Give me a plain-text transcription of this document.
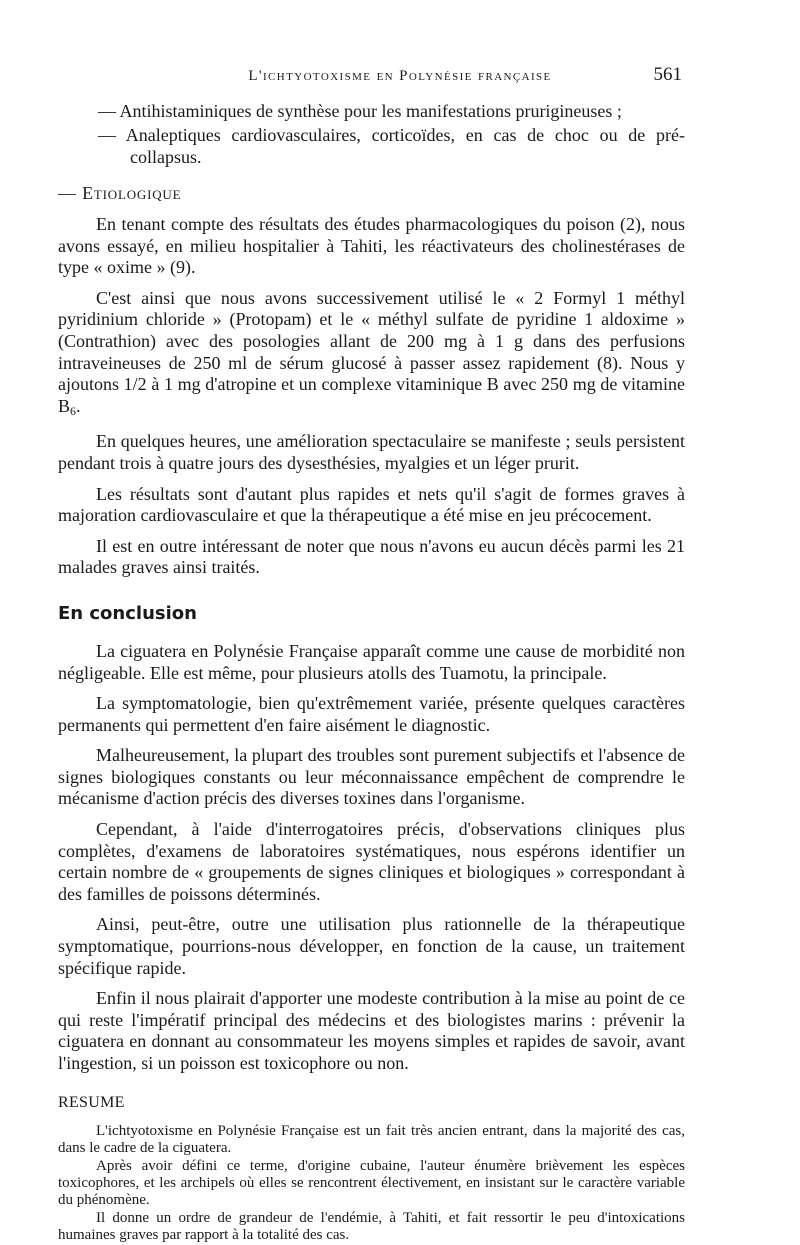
L'ichtyotoxisme en Polynésie française	561

— Antihistaminiques de synthèse pour les manifestations prurigineuses ;

— Analeptiques cardiovasculaires, corticoïdes, en cas de choc ou de pré-collapsus.

— Etiologique

En tenant compte des résultats des études pharmacologiques du poison (2), nous avons essayé, en milieu hospitalier à Tahiti, les réactivateurs des cholinestérases de type « oxime » (9).

C'est ainsi que nous avons successivement utilisé le « 2 Formyl 1 méthyl pyridinium chloride » (Protopam) et le « méthyl sulfate de pyridine 1 aldoxime » (Contrathion) avec des posologies allant de 200 mg à 1 g dans des perfusions intraveineuses de 250 ml de sérum glucosé à passer assez rapidement (8). Nous y ajoutons 1/2 à 1 mg d'atropine et un complexe vitaminique B avec 250 mg de vitamine $B_6$.

En quelques heures, une amélioration spectaculaire se manifeste ; seuls persistent pendant trois à quatre jours des dysesthésies, myalgies et un léger prurit.

Les résultats sont d'autant plus rapides et nets qu'il s'agit de formes graves à majoration cardiovasculaire et que la thérapeutique a été mise en jeu précocement.

Il est en outre intéressant de noter que nous n'avons eu aucun décès parmi les 21 malades graves ainsi traités.

En conclusion

La ciguatera en Polynésie Française apparaît comme une cause de morbidité non négligeable. Elle est même, pour plusieurs atolls des Tuamotu, la principale.

La symptomatologie, bien qu'extrêmement variée, présente quelques caractères permanents qui permettent d'en faire aisément le diagnostic.

Malheureusement, la plupart des troubles sont purement subjectifs et l'absence de signes biologiques constants ou leur méconnaissance empêchent de comprendre le mécanisme d'action précis des diverses toxines dans l'organisme.

Cependant, à l'aide d'interrogatoires précis, d'observations cliniques plus complètes, d'examens de laboratoires systématiques, nous espérons identifier un certain nombre de « groupements de signes cliniques et biologiques » correspondant à des familles de poissons déterminés.

Ainsi, peut-être, outre une utilisation plus rationnelle de la thérapeutique symptomatique, pourrions-nous développer, en fonction de la cause, un traitement spécifique rapide.

Enfin il nous plairait d'apporter une modeste contribution à la mise au point de ce qui reste l'impératif principal des médecins et des biologistes marins : prévenir la ciguatera en donnant au consommateur les moyens simples et rapides de savoir, avant l'ingestion, si un poisson est toxicophore ou non.

RESUME

L'ichtyotoxisme en Polynésie Française est un fait très ancien entrant, dans la majorité des cas, dans le cadre de la ciguatera.

Après avoir défini ce terme, d'origine cubaine, l'auteur énumère brièvement les espèces toxicophores, et les archipels où elles se rencontrent électivement, en insistant sur le caractère variable du phénomène.

Il donne un ordre de grandeur de l'endémie, à Tahiti, et fait ressortir le peu d'intoxications humaines graves par rapport à la totalité des cas.
